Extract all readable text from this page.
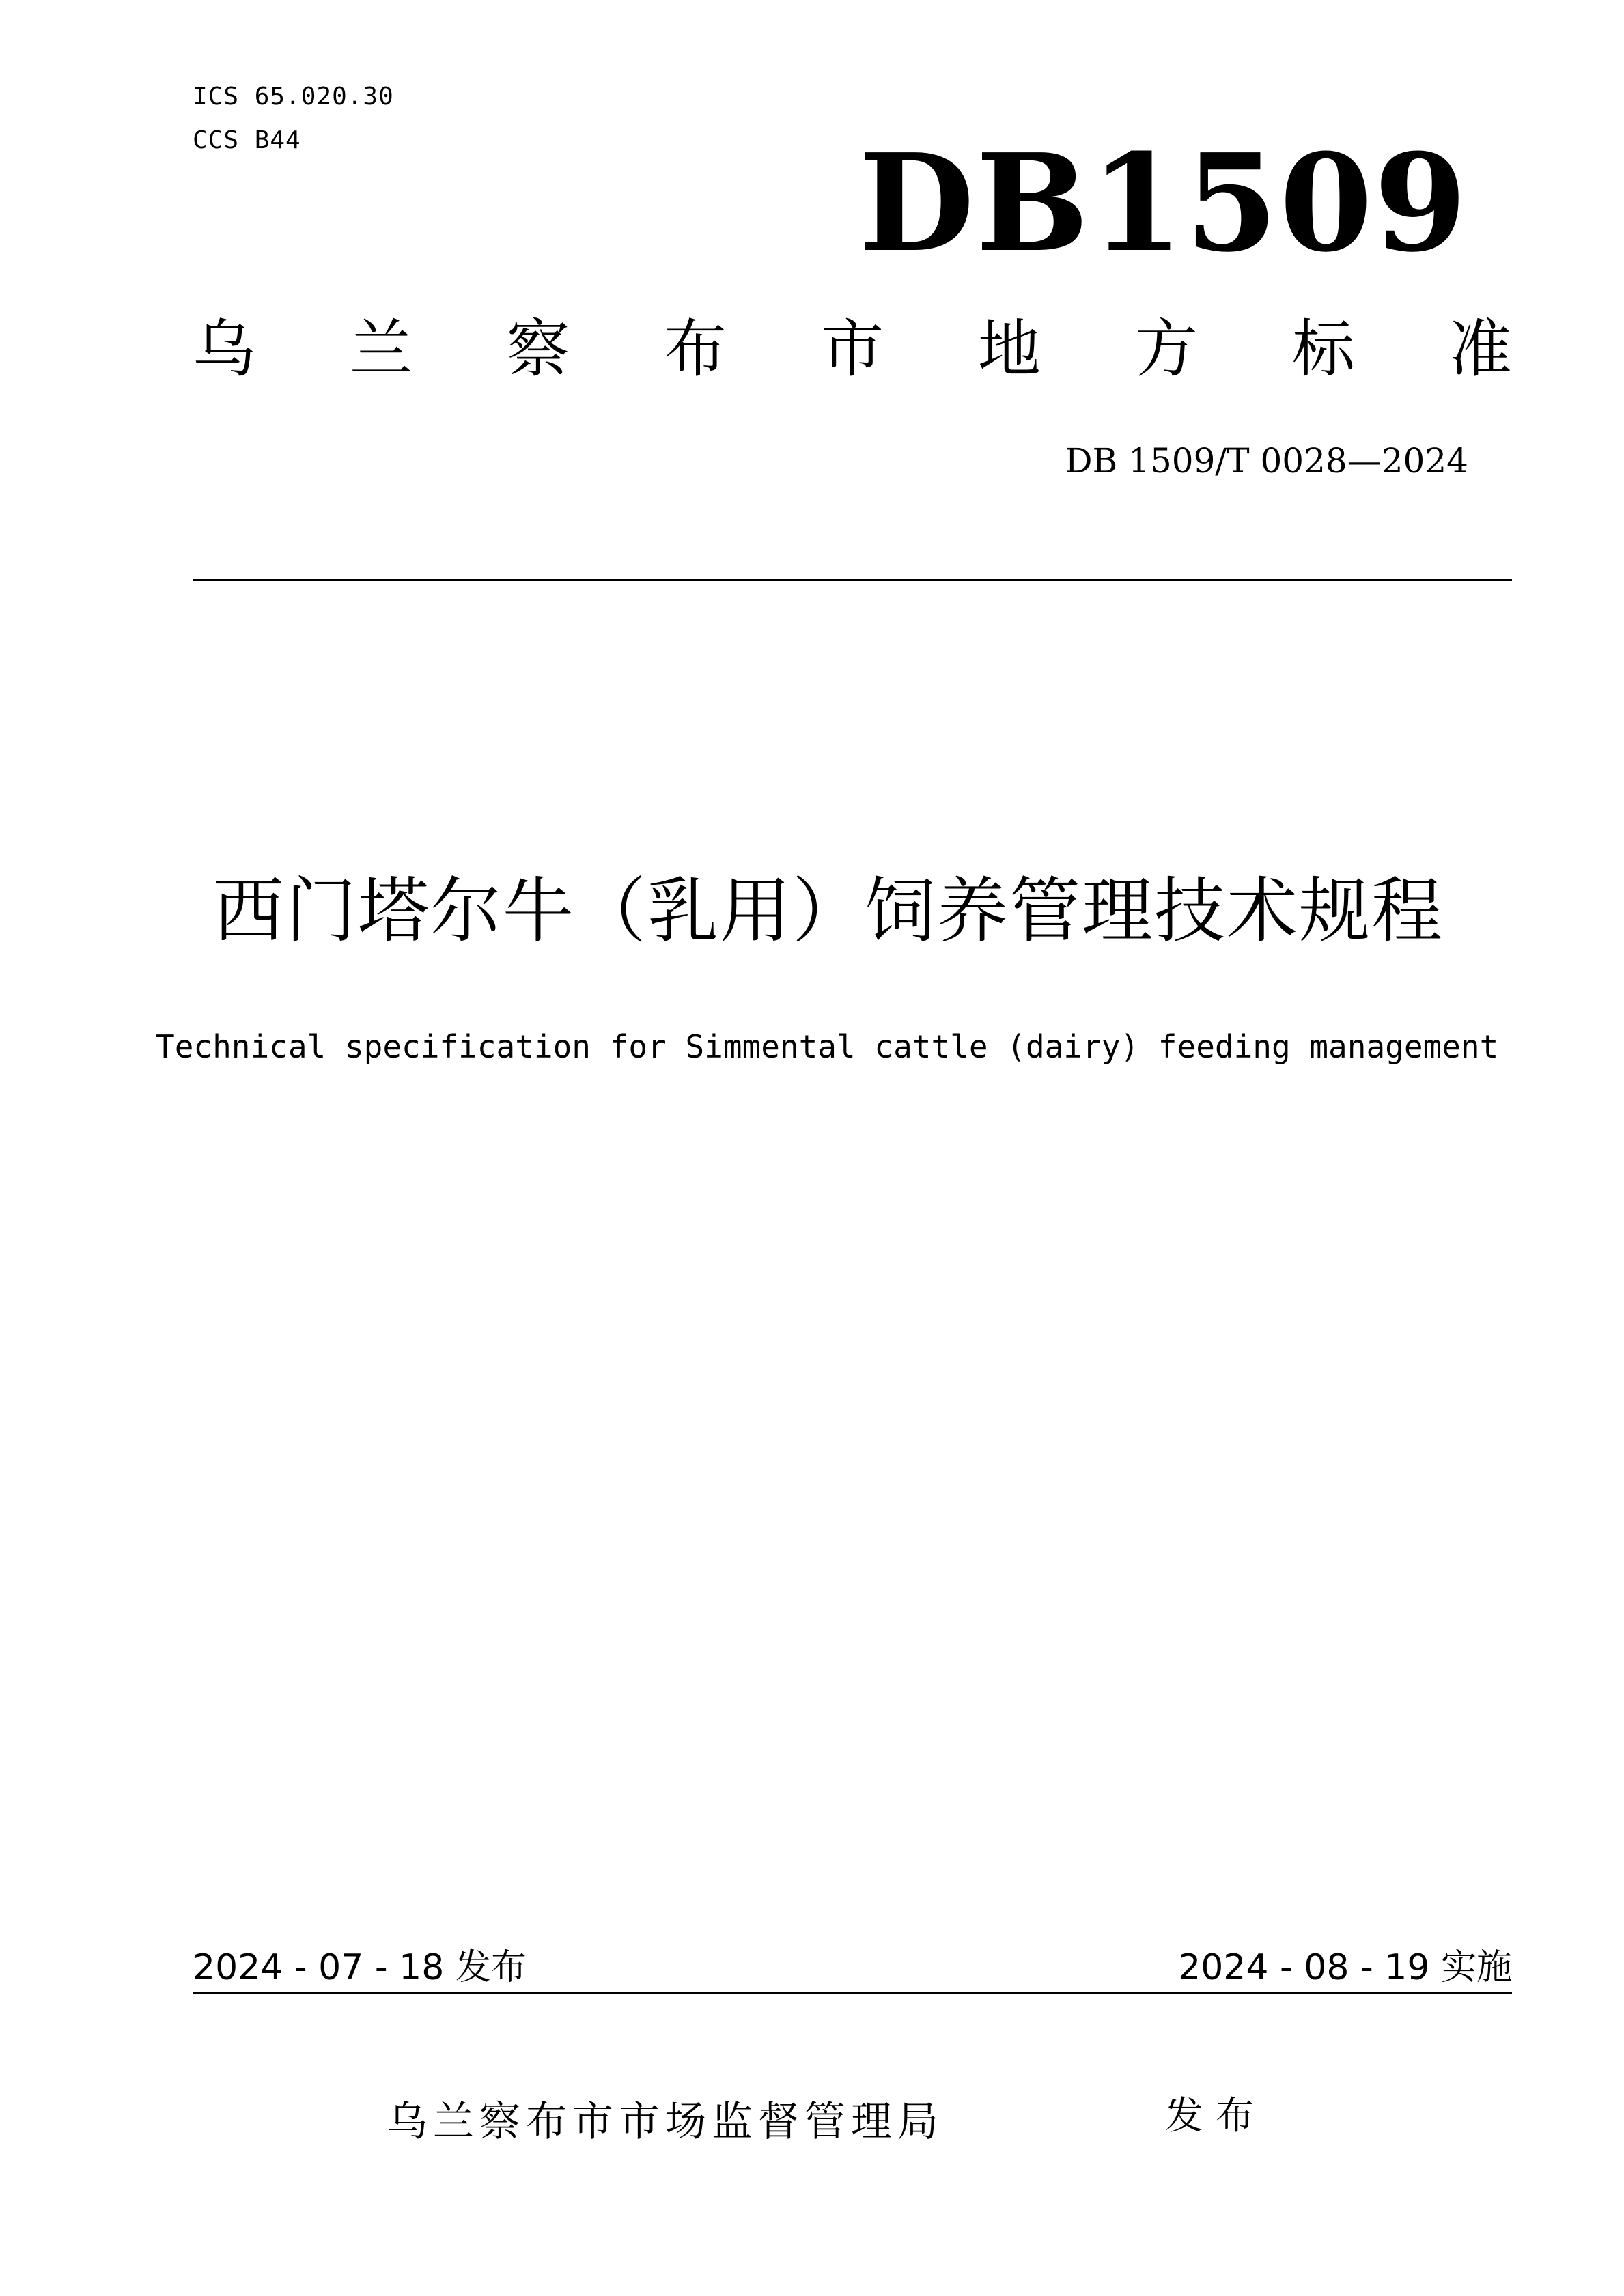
ICS 65.020.30
CCS B44	DB1509
乌 兰 察 布 市 地 方 标 准
DB 1509/T 0028—2024
西门塔尔牛（乳用）饲养管理技术规程
Technical specification for Simmental cattle (dairy) feeding management
2024 - 07 - 18 发布	2024 - 08 - 19 实施
乌兰察布市市场监督管理局	发布
